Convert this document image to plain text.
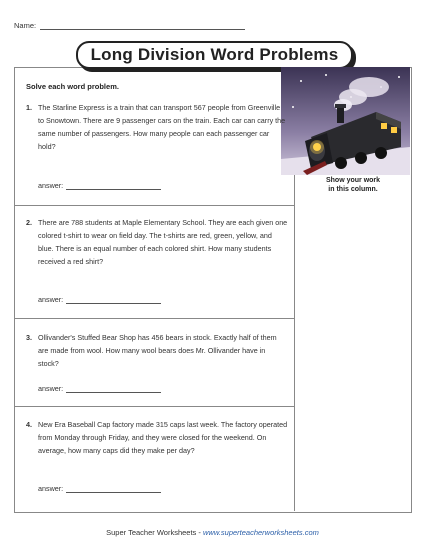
Name:
Long Division Word Problems
Show your work
in this column.
Solve each word problem.
1. The Starline Express is a train that can transport 567 people from Greenville to Snowtown. There are 9 passenger cars on the train. Each car can carry the same number of passengers. How many people can each passenger car hold?
answer:
2. There are 788 students at Maple Elementary School. They are each given one colored t-shirt to wear on field day. The t-shirts are red, green, yellow, and blue. There is an equal number of each colored shirt. How many students received a red shirt?
answer:
3. Ollivander's Stuffed Bear Shop has 456 bears in stock. Exactly half of them are made from wool. How many wool bears does Mr. Ollivander have in stock?
answer:
4. New Era Baseball Cap factory made 315 caps last week. The factory operated from Monday through Friday, and they were closed for the weekend. On average, how many caps did they make per day?
answer:
Super Teacher Worksheets - www.superteacherworksheets.com
